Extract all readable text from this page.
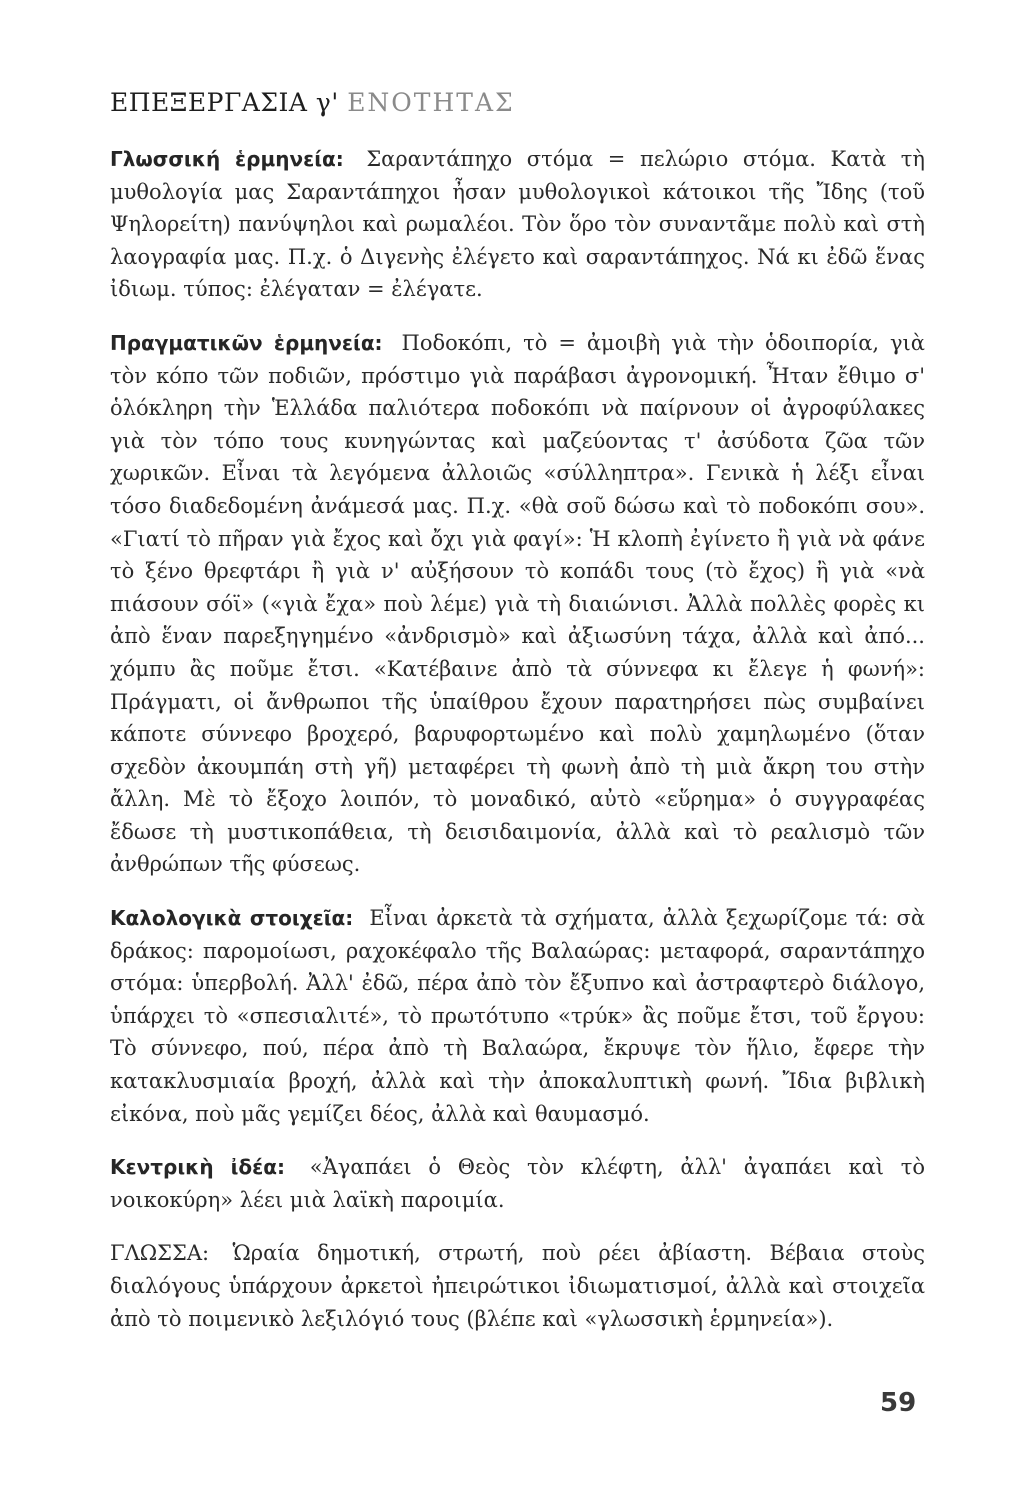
ΕΠΕΞΕΡΓΑΣΙΑ γ' ΕΝΟΤΗΤΑΣ

Γλωσσική ἑρμηνεία: Σαραντάπηχο στόμα = πελώριο στόμα. Κατὰ τὴ μυθολογία μας Σαραντάπηχοι ἦσαν μυθολογικοὶ κάτοικοι τῆς Ἴδης (τοῦ Ψηλορείτη) πανύψηλοι καὶ ρωμαλέοι. Τὸν ὅρο τὸν συναντᾶμε πολὺ καὶ στὴ λαογραφία μας. Π.χ. ὁ Διγενὴς ἐλέγετο καὶ σαραντάπηχος. Νά κι ἐδῶ ἕνας ἰδιωμ. τύπος: ἐλέγαταν = ἐλέγατε.

Πραγματικῶν ἑρμηνεία: Ποδοκόπι, τὸ = ἀμοιβὴ γιὰ τὴν ὁδοιπορία, γιὰ τὸν κόπο τῶν ποδιῶν, πρόστιμο γιὰ παράβασι ἀγρονομική. Ἦταν ἔθιμο σ' ὁλόκληρη τὴν Ἑλλάδα παλιότερα ποδοκόπι νὰ παίρνουν οἱ ἀγροφύλακες γιὰ τὸν τόπο τους κυνηγώντας καὶ μαζεύοντας τ' ἀσύδοτα ζῶα τῶν χωρικῶν. Εἶναι τὰ λεγόμενα ἀλλοιῶς «σύλληπτρα». Γενικὰ ἡ λέξι εἶναι τόσο διαδεδομένη ἀνάμεσά μας. Π.χ. «θὰ σοῦ δώσω καὶ τὸ ποδοκόπι σου». «Γιατί τὸ πῆραν γιὰ ἔχος καὶ ὄχι γιὰ φαγί»: Ἡ κλοπὴ ἐγίνετο ἢ γιὰ νὰ φάνε τὸ ξένο θρεφτάρι ἢ γιὰ ν' αὐξήσουν τὸ κοπάδι τους (τὸ ἔχος) ἢ γιὰ «νὰ πιάσουν σόϊ» («γιὰ ἔχα» ποὺ λέμε) γιὰ τὴ διαιώνισι. Ἀλλὰ πολλὲς φορὲς κι ἀπὸ ἕναν παρεξηγημένο «ἀνδρισμὸ» καὶ ἀξιωσύνη τάχα, ἀλλὰ καὶ ἀπό... χόμπυ ἂς ποῦμε ἔτσι. «Κατέβαινε ἀπὸ τὰ σύννεφα κι ἔλεγε ἡ φωνή»: Πράγματι, οἱ ἄνθρωποι τῆς ὑπαίθρου ἔχουν παρατηρήσει πὼς συμβαίνει κάποτε σύννεφο βροχερό, βαρυφορτωμένο καὶ πολὺ χαμηλωμένο (ὅταν σχεδὸν ἀκουμπάη στὴ γῆ) μεταφέρει τὴ φωνὴ ἀπὸ τὴ μιὰ ἄκρη του στὴν ἄλλη. Μὲ τὸ ἔξοχο λοιπόν, τὸ μοναδικό, αὐτὸ «εὕρημα» ὁ συγγραφέας ἔδωσε τὴ μυστικοπάθεια, τὴ δεισιδαιμονία, ἀλλὰ καὶ τὸ ρεαλισμὸ τῶν ἀνθρώπων τῆς φύσεως.

Καλολογικὰ στοιχεῖα: Εἶναι ἀρκετὰ τὰ σχήματα, ἀλλὰ ξεχωρίζομε τά: σὰ δράκος: παρομοίωσι, ραχοκέφαλο τῆς Βαλαώρας: μεταφορά, σαραντάπηχο στόμα: ὑπερβολή. Ἀλλ' ἐδῶ, πέρα ἀπὸ τὸν ἔξυπνο καὶ ἀστραφτερὸ διάλογο, ὑπάρχει τὸ «σπεσιαλιτέ», τὸ πρωτότυπο «τρύκ» ἂς ποῦμε ἔτσι, τοῦ ἔργου: Τὸ σύννεφο, πού, πέρα ἀπὸ τὴ Βαλαώρα, ἔκρυψε τὸν ἥλιο, ἔφερε τὴν κατακλυσμιαία βροχή, ἀλλὰ καὶ τὴν ἀποκαλυπτικὴ φωνή. Ἴδια βιβλικὴ εἰκόνα, ποὺ μᾶς γεμίζει δέος, ἀλλὰ καὶ θαυμασμό.

Κεντρικὴ ἰδέα: «Ἀγαπάει ὁ Θεὸς τὸν κλέφτη, ἀλλ' ἀγαπάει καὶ τὸ νοικοκύρη» λέει μιὰ λαϊκὴ παροιμία.

ΓΛΩΣΣΑ: Ὡραία δημοτική, στρωτή, ποὺ ρέει ἀβίαστη. Βέβαια στοὺς διαλόγους ὑπάρχουν ἀρκετοὶ ἠπειρώτικοι ἰδιωματισμοί, ἀλλὰ καὶ στοιχεῖα ἀπὸ τὸ ποιμενικὸ λεξιλόγιό τους (βλέπε καὶ «γλωσσικὴ ἑρμηνεία»).

59
